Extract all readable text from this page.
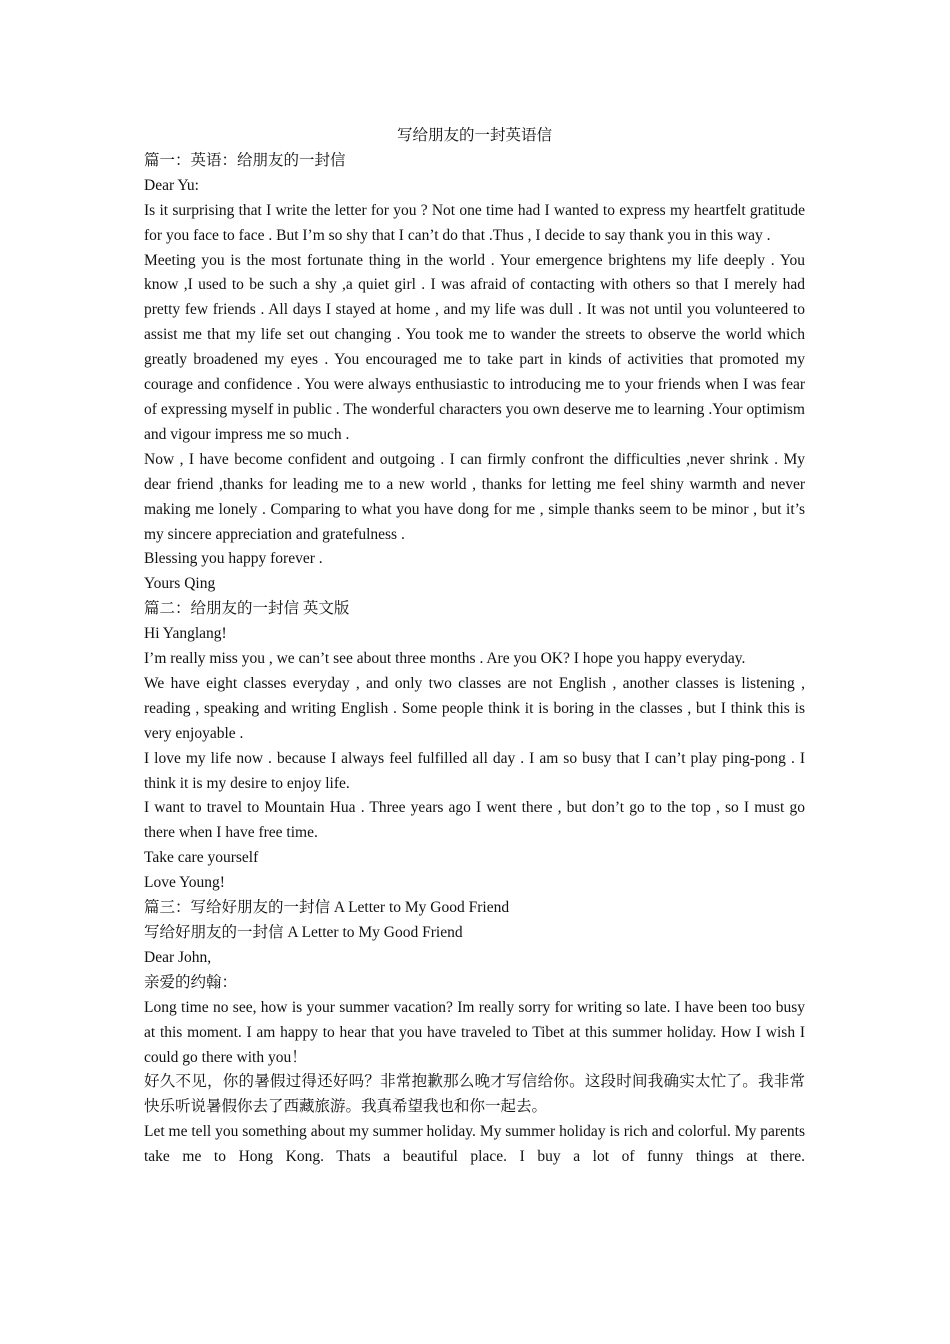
写给朋友的一封英语信

篇一：英语：给朋友的一封信

Dear Yu:

Is it surprising that I write the letter for you ? Not one time had I wanted to express my heartfelt gratitude for you face to face . But I’m so shy that I can’t do that .Thus , I decide to say thank you in this way .

Meeting you is the most fortunate thing in the world . Your emergence brightens my life deeply . You know ,I used to be such a shy ,a quiet girl . I was afraid of contacting with others so that I merely had pretty few friends . All days I stayed at home , and my life was dull . It was not until you volunteered to assist me that my life set out changing . You took me to wander the streets to observe the world which greatly broadened my eyes . You encouraged me to take part in kinds of activities that promoted my courage and confidence . You were always enthusiastic to introducing me to your friends when I was fear of expressing myself in public . The wonderful characters you own deserve me to learning .Your optimism and vigour impress me so much .

Now , I have become confident and outgoing . I can firmly confront the difficulties ,never shrink . My dear friend ,thanks for leading me to a new world , thanks for letting me feel shiny warmth and never making me lonely . Comparing to what you have dong for me , simple thanks seem to be minor , but it’s my sincere appreciation and gratefulness .

Blessing you happy forever .

Yours Qing

篇二：给朋友的一封信 英文版

Hi Yanglang!

I’m really miss you , we can’t see about three months . Are you OK? I hope you happy everyday.

We have eight classes everyday , and only two classes are not English , another classes is listening , reading , speaking and writing English . Some people think it is boring in the classes , but I think this is very enjoyable .

I love my life now . because I always feel fulfilled all day . I am so busy that I can’t play ping-pong . I think it is my desire to enjoy life.

I want to travel to Mountain Hua . Three years ago I went there , but don’t go to the top , so I must go there when I have free time.

Take care yourself

Love Young!

篇三：写给好朋友的一封信 A Letter to My Good Friend

写给好朋友的一封信 A Letter to My Good Friend

Dear John,

亲爱的约翰：

Long time no see, how is your summer vacation? Im really sorry for writing so late. I have been too busy at this moment. I am happy to hear that you have traveled to Tibet at this summer holiday. How I wish I could go there with you！

好久不见，你的暑假过得还好吗？非常抱歉那么晚才写信给你。这段时间我确实太忙了。我非常快乐听说暑假你去了西藏旅游。我真希望我也和你一起去。

Let me tell you something about my summer holiday. My summer holiday is rich and colorful. My parents take me to Hong Kong. Thats a beautiful place. I buy a lot of funny things at there.
